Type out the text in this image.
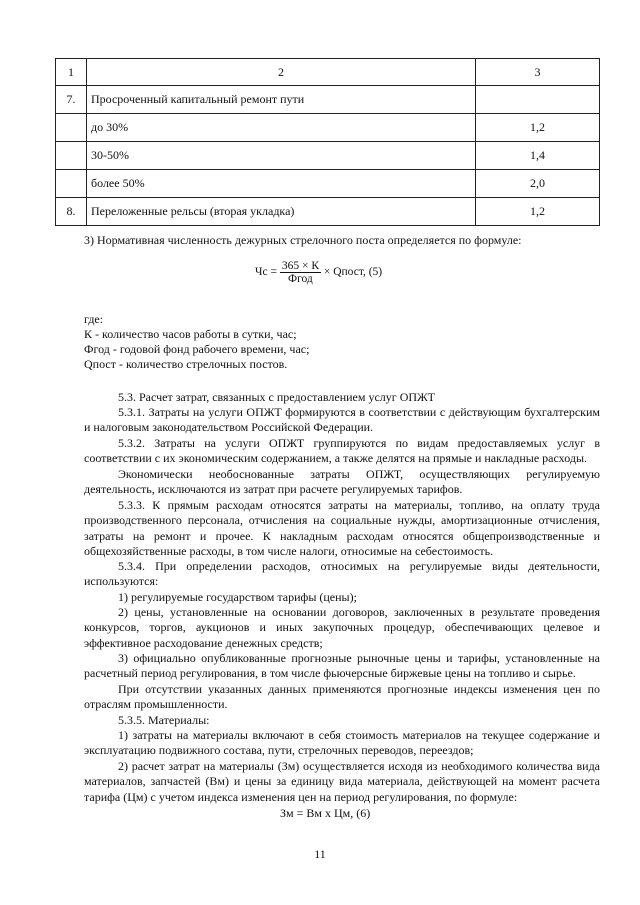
1	2	3
7.	Просроченный капитальный ремонт пути	
	до 30%	1,2
	30-50%	1,4
	более 50%	2,0
8.	Переложенные рельсы (вторая укладка)	1,2
3) Нормативная численность дежурных стрелочного поста определяется по формуле:
Чс = $\frac{365 \times К}{\text{Фгод}}$ × Qпост, (5)
где:
К - количество часов работы в сутки, час;
Фгод - годовой фонд рабочего времени, час;
Qпост - количество стрелочных постов.
5.3. Расчет затрат, связанных с предоставлением услуг ОПЖТ
5.3.1. Затраты на услуги ОПЖТ формируются в соответствии с действующим бухгалтерским и налоговым законодательством Российской Федерации.
5.3.2. Затраты на услуги ОПЖТ группируются по видам предоставляемых услуг в соответствии с их экономическим содержанием, а также делятся на прямые и накладные расходы.
Экономически необоснованные затраты ОПЖТ, осуществляющих регулируемую деятельность, исключаются из затрат при расчете регулируемых тарифов.
5.3.3. К прямым расходам относятся затраты на материалы, топливо, на оплату труда производственного персонала, отчисления на социальные нужды, амортизационные отчисления, затраты на ремонт и прочее. К накладным расходам относятся общепроизводственные и общехозяйственные расходы, в том числе налоги, относимые на себестоимость.
5.3.4. При определении расходов, относимых на регулируемые виды деятельности, используются:
1) регулируемые государством тарифы (цены);
2) цены, установленные на основании договоров, заключенных в результате проведения конкурсов, торгов, аукционов и иных закупочных процедур, обеспечивающих целевое и эффективное расходование денежных средств;
3) официально опубликованные прогнозные рыночные цены и тарифы, установленные на расчетный период регулирования, в том числе фьючерсные биржевые цены на топливо и сырье.
При отсутствии указанных данных применяются прогнозные индексы изменения цен по отраслям промышленности.
5.3.5. Материалы:
1) затраты на материалы включают в себя стоимость материалов на текущее содержание и эксплуатацию подвижного состава, пути, стрелочных переводов, переездов;
2) расчет затрат на материалы (Зм) осуществляется исходя из необходимого количества вида материалов, запчастей (Вм) и цены за единицу вида материала, действующей на момент расчета тарифа (Цм) с учетом индекса изменения цен на период регулирования, по формуле:
Зм = Вм х Цм, (6)
11
